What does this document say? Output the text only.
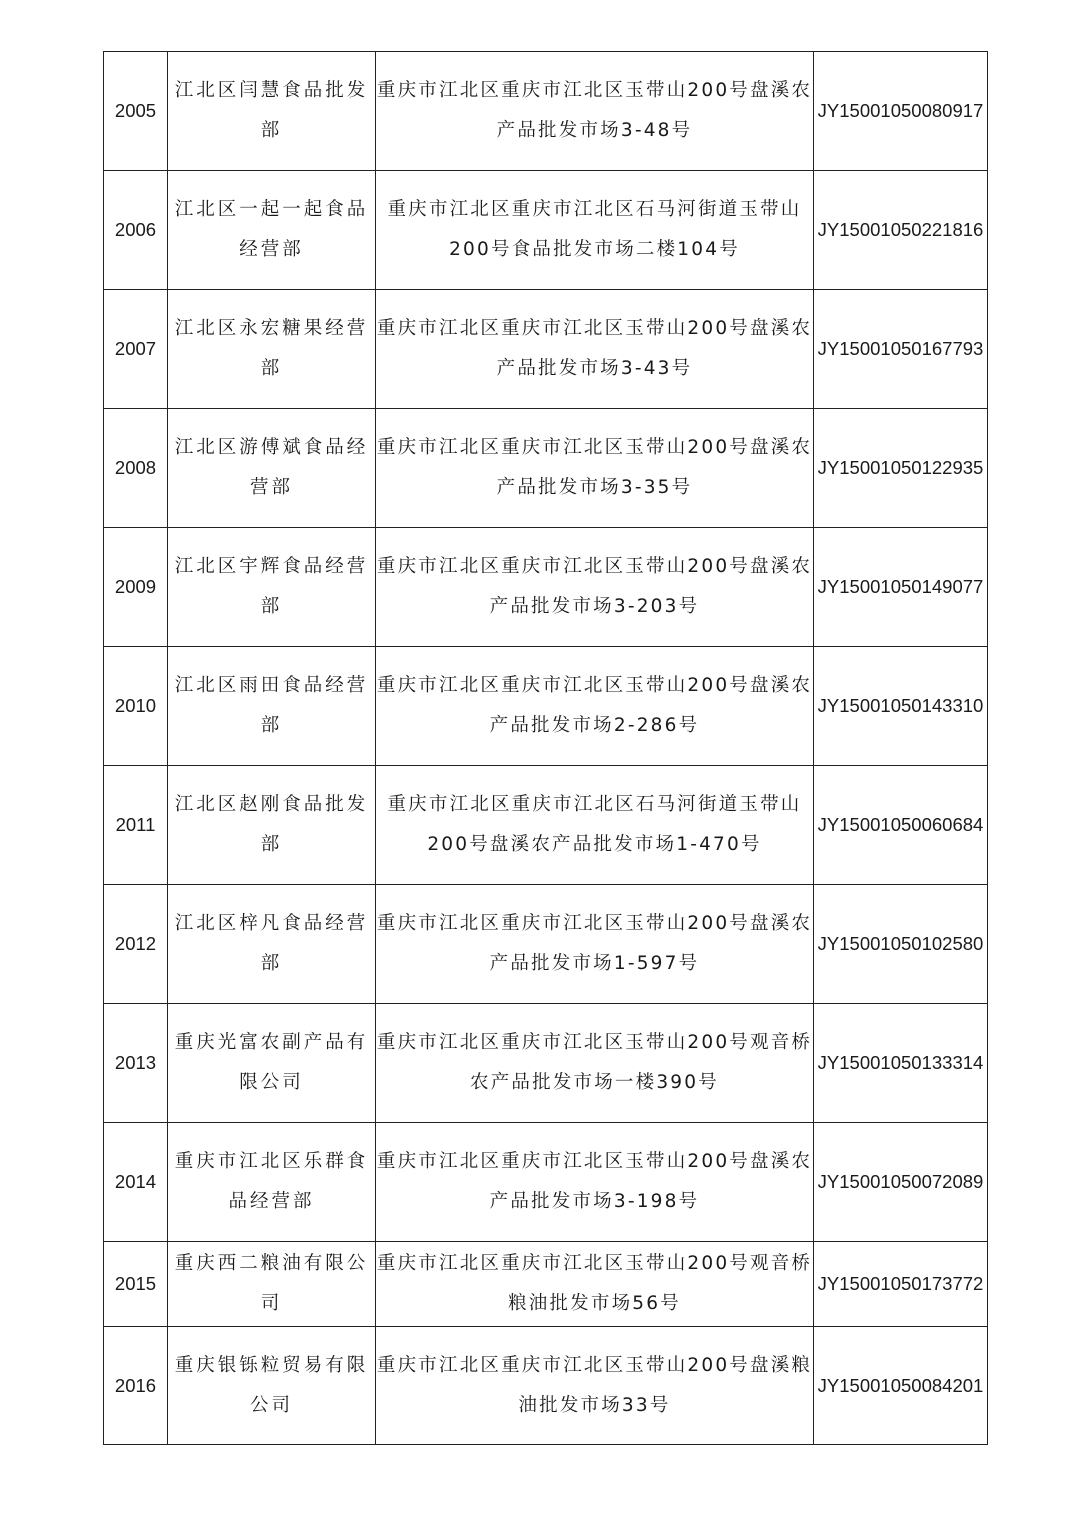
2005	江北区闫慧食品批发部	重庆市江北区重庆市江北区玉带山200号盘溪农产品批发市场3-48号	JY15001050080917
2006	江北区一起一起食品经营部	重庆市江北区重庆市江北区石马河街道玉带山200号食品批发市场二楼104号	JY15001050221816
2007	江北区永宏糖果经营部	重庆市江北区重庆市江北区玉带山200号盘溪农产品批发市场3-43号	JY15001050167793
2008	江北区游傅斌食品经营部	重庆市江北区重庆市江北区玉带山200号盘溪农产品批发市场3-35号	JY15001050122935
2009	江北区宇辉食品经营部	重庆市江北区重庆市江北区玉带山200号盘溪农产品批发市场3-203号	JY15001050149077
2010	江北区雨田食品经营部	重庆市江北区重庆市江北区玉带山200号盘溪农产品批发市场2-286号	JY15001050143310
2011	江北区赵刚食品批发部	重庆市江北区重庆市江北区石马河街道玉带山200号盘溪农产品批发市场1-470号	JY15001050060684
2012	江北区梓凡食品经营部	重庆市江北区重庆市江北区玉带山200号盘溪农产品批发市场1-597号	JY15001050102580
2013	重庆光富农副产品有限公司	重庆市江北区重庆市江北区玉带山200号观音桥农产品批发市场一楼390号	JY15001050133314
2014	重庆市江北区乐群食品经营部	重庆市江北区重庆市江北区玉带山200号盘溪农产品批发市场3-198号	JY15001050072089
2015	重庆西二粮油有限公司	重庆市江北区重庆市江北区玉带山200号观音桥粮油批发市场56号	JY15001050173772
2016	重庆银铄粒贸易有限公司	重庆市江北区重庆市江北区玉带山200号盘溪粮油批发市场33号	JY15001050084201
